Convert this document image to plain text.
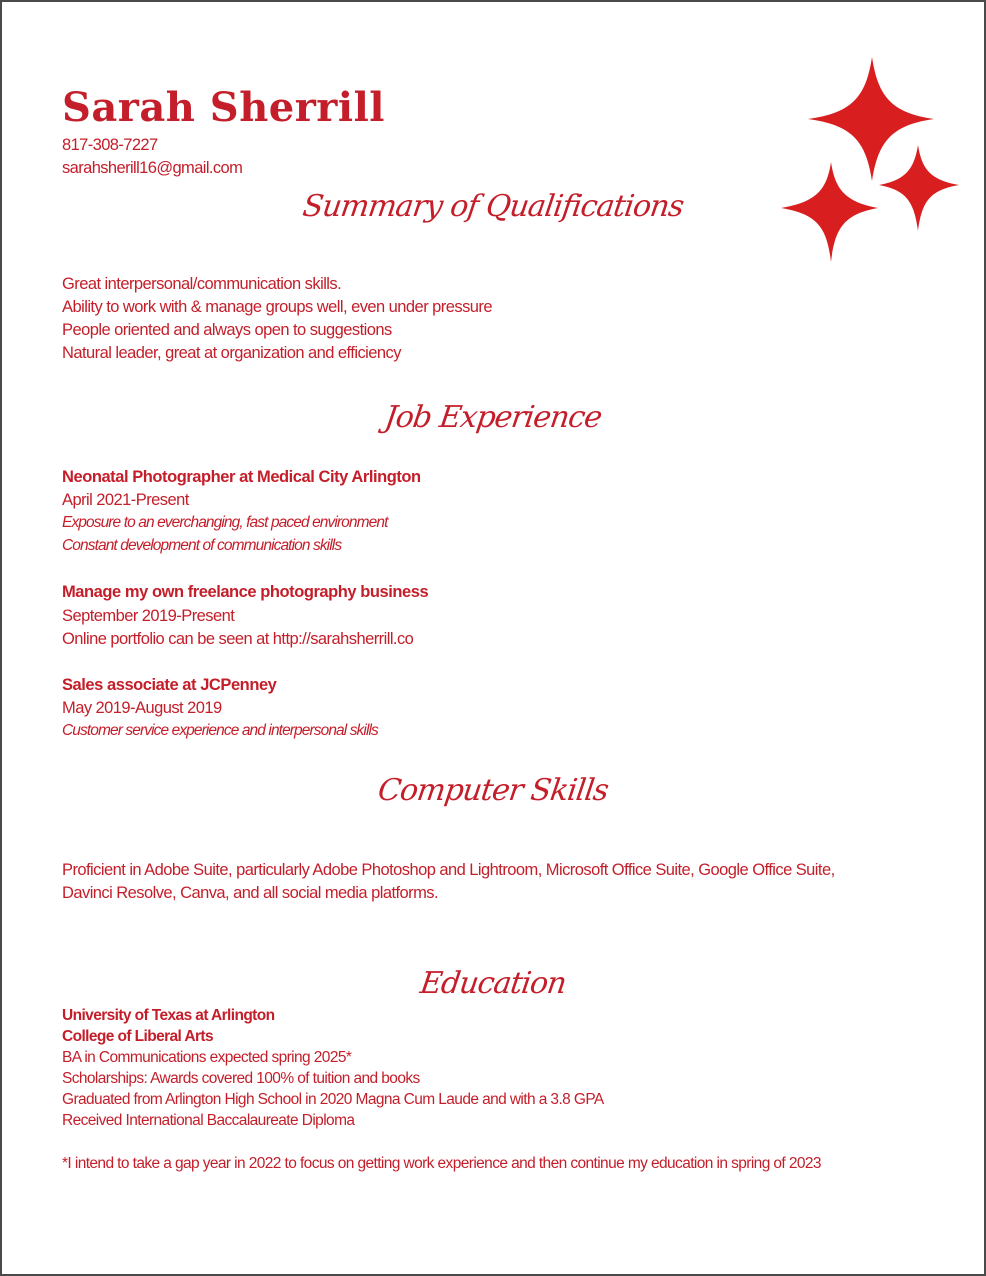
Sarah Sherrill
817-308-7227
sarahsherill16@gmail.com
Summary of Qualifications
Great interpersonal/communication skills.
Ability to work with & manage groups well, even under pressure
People oriented and always open to suggestions
Natural leader, great at organization and efficiency
Job Experience
Neonatal Photographer at Medical City Arlington
April 2021-Present
Exposure to an everchanging, fast paced environment
Constant development of communication skills
Manage my own freelance photography business
September 2019-Present
Online portfolio can be seen at http://sarahsherrill.co
Sales associate at JCPenney
May 2019-August 2019
Customer service experience and interpersonal skills
Computer Skills
Proficient in Adobe Suite, particularly Adobe Photoshop and Lightroom, Microsoft Office Suite, Google Office Suite,
Davinci Resolve, Canva, and all social media platforms.
Education
University of Texas at Arlington
College of Liberal Arts
BA in Communications expected spring 2025*
Scholarships: Awards covered 100% of tuition and books
Graduated from Arlington High School in 2020 Magna Cum Laude and with a 3.8 GPA
Received International Baccalaureate Diploma
*I intend to take a gap year in 2022 to focus on getting work experience and then continue my education in spring of 2023
